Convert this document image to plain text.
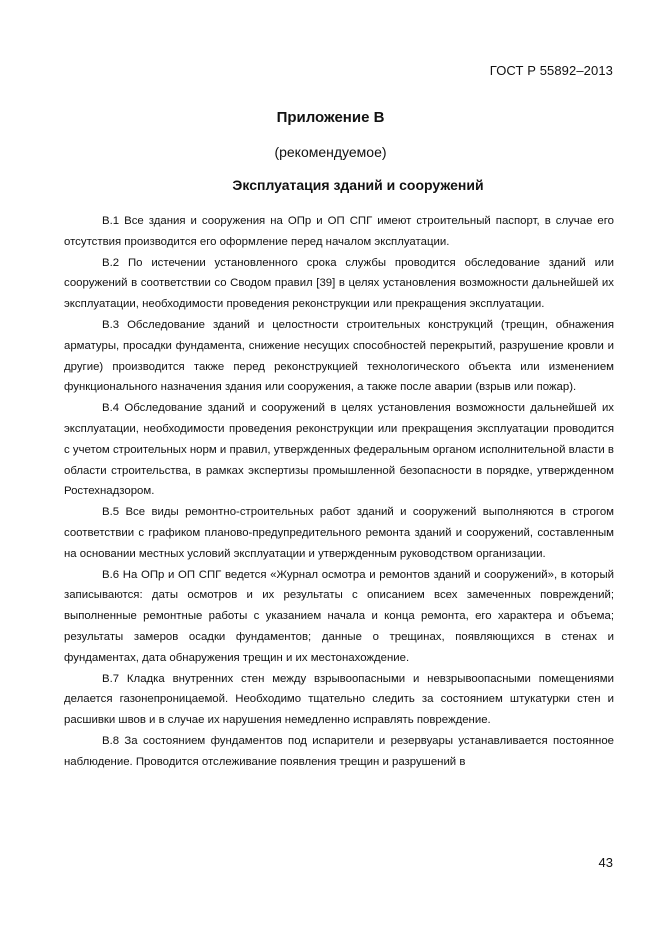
ГОСТ Р 55892–2013
Приложение В
(рекомендуемое)
Эксплуатация зданий и сооружений

В.1 Все здания и сооружения на ОПр и ОП СПГ имеют строительный паспорт, в случае его отсутствия производится его оформление перед началом эксплуатации.

В.2 По истечении установленного срока службы проводится обследование зданий или сооружений в соответствии со Сводом правил [39] в целях установления возможности дальнейшей их эксплуатации, необходимости проведения реконструкции или прекращения эксплуатации.

В.3 Обследование зданий и целостности строительных конструкций (трещин, обнажения арматуры, просадки фундамента, снижение несущих способностей перекрытий, разрушение кровли и другие) производится также перед реконструкцией технологического объекта или изменением функционального назначения здания или сооружения, а также после аварии (взрыв или пожар).

В.4 Обследование зданий и сооружений в целях установления возможности дальнейшей их эксплуатации, необходимости проведения реконструкции или прекращения эксплуатации проводится с учетом строительных норм и правил, утвержденных федеральным органом исполнительной власти в области строительства, в рамках экспертизы промышленной безопасности в порядке, утвержденном Ростехнадзором.

В.5 Все виды ремонтно-строительных работ зданий и сооружений выполняются в строгом соответствии с графиком планово-предупредительного ремонта зданий и сооружений, составленным на основании местных условий эксплуатации и утвержденным руководством организации.

В.6 На ОПр и ОП СПГ ведется «Журнал осмотра и ремонтов зданий и сооружений», в который записываются: даты осмотров и их результаты с описанием всех замеченных повреждений; выполненные ремонтные работы с указанием начала и конца ремонта, его характера и объема; результаты замеров осадки фундаментов; данные о трещинах, появляющихся в стенах и фундаментах, дата обнаружения трещин и их местонахождение.

В.7 Кладка внутренних стен между взрывоопасными и невзрывоопасными помещениями делается газонепроницаемой. Необходимо тщательно следить за состоянием штукатурки стен и расшивки швов и в случае их нарушения немедленно исправлять повреждение.

В.8 За состоянием фундаментов под испарители и резервуары устанавливается постоянное наблюдение. Проводится отслеживание появления трещин и разрушений в

43
